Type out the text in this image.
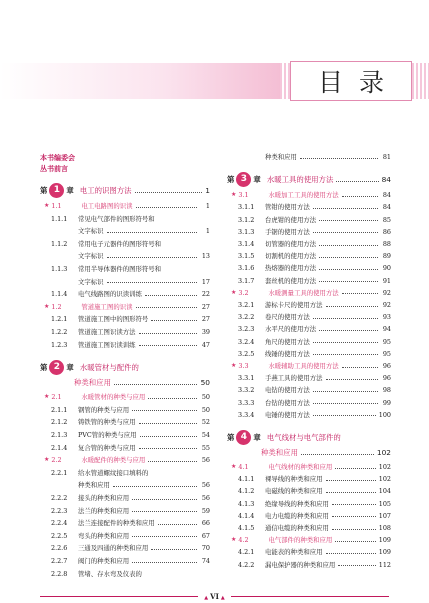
目录
本书编委会
丛书前言
第 1 章 电工的识图方法	1
★ 1.1	电工电路图的识读	1
1.1.1	常见电气部件的图形符号和
文字标识	1
1.1.2	常用电子元器件的图形符号和
文字标识	13
1.1.3	常用半导体器件的图形符号和
文字标识	17
1.1.4	电气线路图的识读训练	22
★ 1.2	管道施工图的识读	27
1.2.1	管道施工图中的图形符号	27
1.2.2	管道施工图识读方法	39
1.2.3	管道施工图识读训练	47
第 2 章 水暖管材与配件的
种类和应用	50
★ 2.1	水暖管材的种类与应用	50
2.1.1	钢管的种类与应用	50
2.1.2	铸铁管的种类与应用	52
2.1.3	PVC管的种类与应用	54
2.1.4	复合管的种类与应用	55
★ 2.2	水暖配件的种类与应用	56
2.2.1	给水管道螺纹接口填料的
种类和应用	56
2.2.2	接头的种类和应用	56
2.2.3	法兰的种类和应用	59
2.2.4	法兰连接配件的种类和应用	66
2.2.5	弯头的种类和应用	67
2.2.6	三通及四通的种类和应用	70
2.2.7	阀门的种类和应用	74
2.2.8	管堵、存水弯及仪表的
种类和应用	81
第 3 章 水暖工具的使用方法	84
★ 3.1	水暖加工工具的使用方法	84
3.1.1	管钳的使用方法	84
3.1.2	台虎钳的使用方法	85
3.1.3	手锯的使用方法	86
3.1.4	切管器的使用方法	88
3.1.5	切割机的使用方法	89
3.1.6	热熔器的使用方法	90
3.1.7	套丝机的使用方法	91
★ 3.2	水暖测量工具的使用方法	92
3.2.1	游标卡尺的使用方法	92
3.2.2	卷尺的使用方法	93
3.2.3	水平尺的使用方法	94
3.2.4	角尺的使用方法	95
3.2.5	线锤的使用方法	95
★ 3.3	水暖辅助工具的使用方法	96
3.3.1	手燕工具的使用方法	96
3.3.2	电钻的使用方法	98
3.3.3	台钻的使用方法	99
3.3.4	电锤的使用方法	100
第 4 章 电气线材与电气部件的
种类和应用	102
★ 4.1	电气线材的种类和应用	102
4.1.1	裸导线的种类和应用	102
4.1.2	电磁线的种类和应用	104
4.1.3	绝缘导线的种类和应用	105
4.1.4	电力电缆的种类和应用	107
4.1.5	通信电缆的种类和应用	108
★ 4.2	电气部件的种类和应用	109
4.2.1	电能表的种类和应用	109
4.2.2	漏电保护器的种类和应用	112
▲ VI ▲
